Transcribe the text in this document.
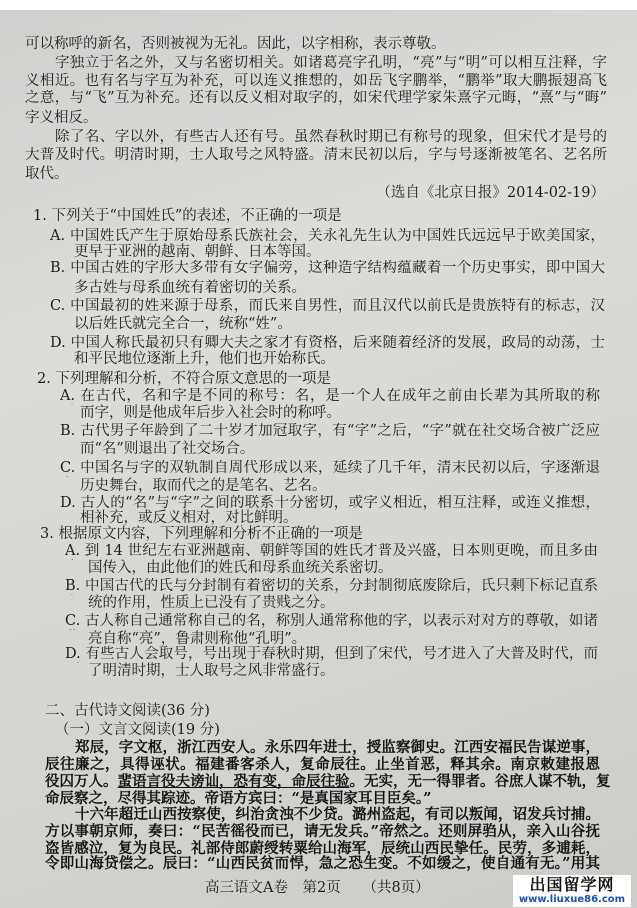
可以称呼的新名，否则被视为无礼。因此，以字相称，表示尊敬。
字独立于名之外，又与名密切相关。如诸葛亮字孔明，“亮”与“明”可以相互注释，字
义相近。也有名与字互为补充，可以连义推想的，如岳飞字鹏举，“鹏举”取大鹏振翅高飞
之意，与“飞”互为补充。还有以反义相对取字的，如宋代理学家朱熹字元晦，“熹”与“晦”
字义相反。
除了名、字以外，有些古人还有号。虽然春秋时期已有称号的现象，但宋代才是号的
大普及时代。明清时期，士人取号之风特盛。清末民初以后，字与号逐渐被笔名、艺名所
取代。
（选自《北京日报》2014-02-19）
1. 下列关于“中国姓氏”的表述，不正确的一项是
A. 中国姓氏产生于原始母系氏族社会，关永礼先生认为中国姓氏远远早于欧美国家，
更早于亚洲的越南、朝鲜、日本等国。
B. 中国古姓的字形大多带有女字偏旁，这种造字结构蕴藏着一个历史事实，即中国大
多古姓与母系血统有着密切的关系。
C. 中国最初的姓来源于母系，而氏来自男性，而且汉代以前氏是贵族特有的标志，汉
以后姓氏就完全合一，统称“姓”。
D. 中国人称氏最初只有卿大夫之家才有资格，后来随着经济的发展，政局的动荡，士
和平民地位逐渐上升，他们也开始称氏。
2. 下列理解和分析，不符合原文意思的一项是
A. 在古代，名和字是不同的称号：名，是一个人在成年之前由长辈为其所取的称
而字，则是他成年后步入社会时的称呼。
B. 古代男子年龄到了二十岁才加冠取字，有“字”之后，“字”就在社交场合被广泛应
而“名”则退出了社交场合。
C. 中国名与字的双轨制自周代形成以来，延续了几千年，清末民初以后，字逐渐退
历史舞台，取而代之的是笔名、艺名。
D. 古人的“名”与“字”之间的联系十分密切，或字义相近，相互注释，或连义推想，
相补充，或反义相对，对比鲜明。
3. 根据原文内容，下列理解和分析不正确的一项是
A. 到 14 世纪左右亚洲越南、朝鲜等国的姓氏才普及兴盛，日本则更晚，而且多由
国传入，由此他们的姓氏和母系血统关系密切。
B. 中国古代的氏与分封制有着密切的关系，分封制彻底废除后，氏只剩下标记直系
统的作用，性质上已没有了贵贱之分。
C. 古人称自己通常称自己的名，称别人通常称他的字，以表示对对方的尊敬，如诸
亮自称“亮”，鲁肃则称他“孔明”。
D. 有些古人会取号，号出现于春秋时期，但到了宋代，号才进入了大普及时代，而
了明清时期，士人取号之风非常盛行。
二、古代诗文阅读(36 分)
（一）文言文阅读(19 分)
郑辰，字文枢，浙江西安人。永乐四年进士，授监察御史。江西安福民告谋逆事，
辰往廉之，具得诬状。福建番客杀人，复命辰往。止坐首恶，释其余。南京敕建报恩
役囚万人。蜚语言役夫谤讪，恐有变，命辰往验。无实，无一得罪者。谷庶人谋不轨，复
命辰察之，尽得其踪迹。帝语方宾曰：“是真国家耳目臣矣。”
十六年超迁山西按察使，纠治贪浊不少贷。潞州盗起，有司以叛闻，诏发兵讨捕。
方以事朝京师，奏曰：“民苦徭役而已，请无发兵。”帝然之。还则屏驺从，亲入山谷抚
盗皆感泣，复为良民。礼部侍郎蔚绶转粟给山海军，辰统山西民挚任。民劳，多逋耗，
令即山海贷偿之。辰曰：“山西民贫而悍，急之恐生变。不如缓之，使自通有无。”用其
高三语文A卷　第2页　　（共8页）	出国留学网
www.liuxue86.com
